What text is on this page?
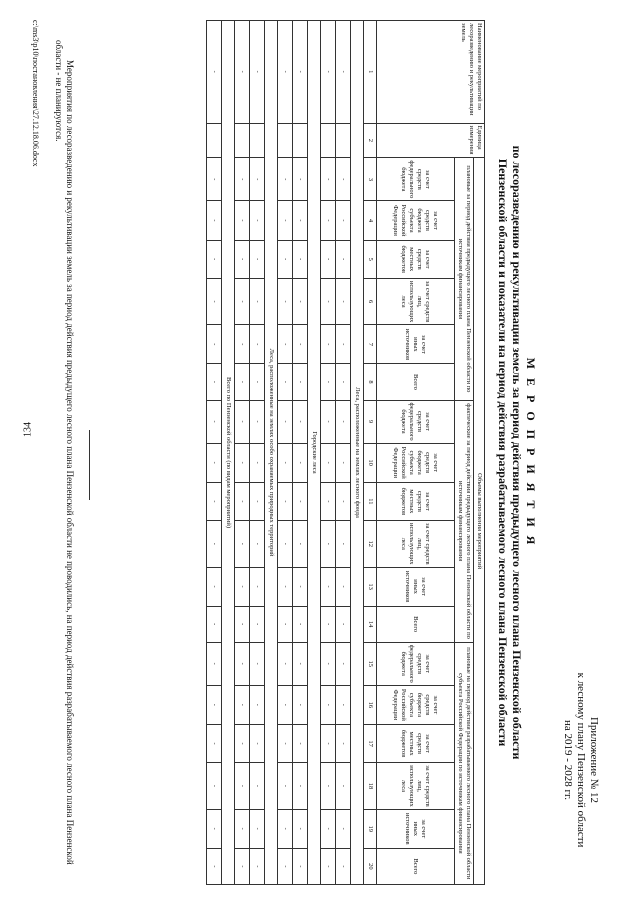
134
Приложение № 12
к лесному плану Пензенской области
на 2019 - 2028 гг.
М Е Р О П Р И Я Т И Я
по лесоразведению и рекультивации земель за период действия предыдущего лесного плана Пензенской области
Пензенской области и показатели на период действия разрабатываемого лесного плана Пензенской области
Наименование мероприятий по лесоразведению и рекультивации земель	Единица измерения	Объемы выполнения мероприятий																	
		плановые за период действия предыдущего лесного плана Пензенской области по источникам финансирования						фактические за период действия предыдущего лесного плана Пензенской области по источникам финансирования						плановые на период действия разрабатываемого лесного плана Пензенской области субъекта Российской Федерации по источникам финансирования					
		за счет средств федерального бюджета	за счет средств бюджета субъекта Российской Федерации	за счет средств местных бюджетов	за счет средств лиц, использующих леса	за счет иных источников	Всего	за счет средств федерального бюджета	за счет средств бюджета субъекта Российской Федерации	за счет средств местных бюджетов	за счет средств лиц, использующих леса	за счет иных источников	Всего	за счет средств федерального бюджета	за счет средств бюджета субъекта Российской Федерации	за счет средств местных бюджетов	за счет средств лиц, использующих леса	за счет иных источников	Всего
1	2	3	4	5	6	7	8	9	10	11	12	13	14	15	16	17	18	19	20
Леса, расположенные на землях лесного фонда																			
-		-	-	-	-	-	-	-	-	-	-	-	-	-	-	-	-	-	-
-		-	-	-	-	-	-	-	-	-	-	-	-	-	-	-	-	-	-
Городские леса																			
-		-	-	-	-	-	-	-	-	-	-	-	-	-	-	-	-	-	-
-		-	-	-	-	-	-	-	-	-	-	-	-	-	-	-	-	-	-
Леса, расположенные на землях особо охраняемых природных территорий																			
-		-	-	-	-	-	-	-	-	-	-	-	-	-	-	-	-	-	-
-		-	-	-	-	-	-	-	-	-	-	-	-	-	-	-	-	-	-
Всего по Пензенской области (по видам мероприятий)																			
-		-	-	-	-	-	-	-	-	-	-	-	-	-	-	-	-	-	-
Мероприятия по лесоразведению и рекультивации земель за период действия предыдущего лесного плана Пензенской области не проводились, на период действия разрабатываемого лесного плана Пензенской области - не планируются.
c:\ms3\p10\постановления\27.12.18.06.docx
